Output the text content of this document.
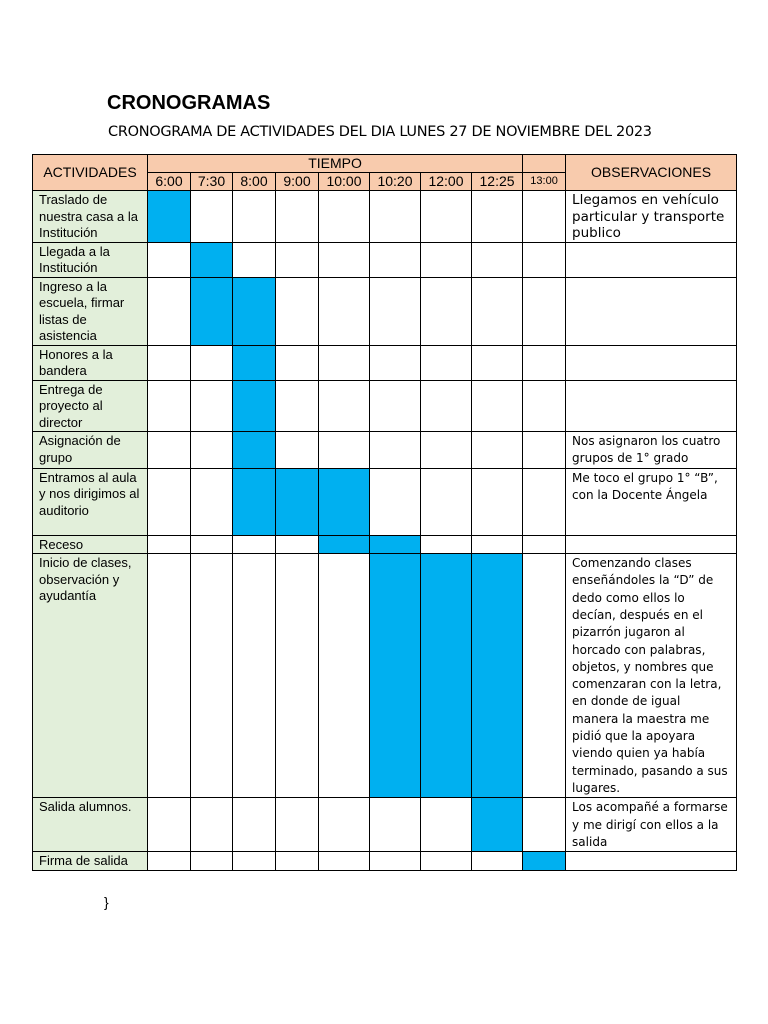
CRONOGRAMAS
CRONOGRAMA DE ACTIVIDADES DEL DIA LUNES 27 DE NOVIEMBRE DEL 2023
ACTIVIDADES	TIEMPO									OBSERVACIONES
	6:00	7:30	8:00	9:00	10:00	10:20	12:00	12:25	13:00	
Traslado de nuestra casa a la Institución										Llegamos en vehículo particular y transporte publico
Llegada a la Institución										
Ingreso a la escuela, firmar listas de asistencia										
Honores a la bandera										
Entrega de proyecto al director										
Asignación de grupo										Nos asignaron los cuatro grupos de 1° grado
Entramos al aula y nos dirigimos al auditorio										Me toco el grupo 1° “B”, con la Docente Ángela
Receso										
Inicio de clases, observación y ayudantía										Comenzando clases enseñándoles la “D” de dedo como ellos lo decían, después en el pizarrón jugaron al horcado con palabras, objetos, y nombres que comenzaran con la letra, en donde de igual manera la maestra me pidió que la apoyara viendo quien ya había terminado, pasando a sus lugares.
Salida alumnos.										Los acompañé a formarse y me dirigí con ellos a la salida
Firma de salida										
}
